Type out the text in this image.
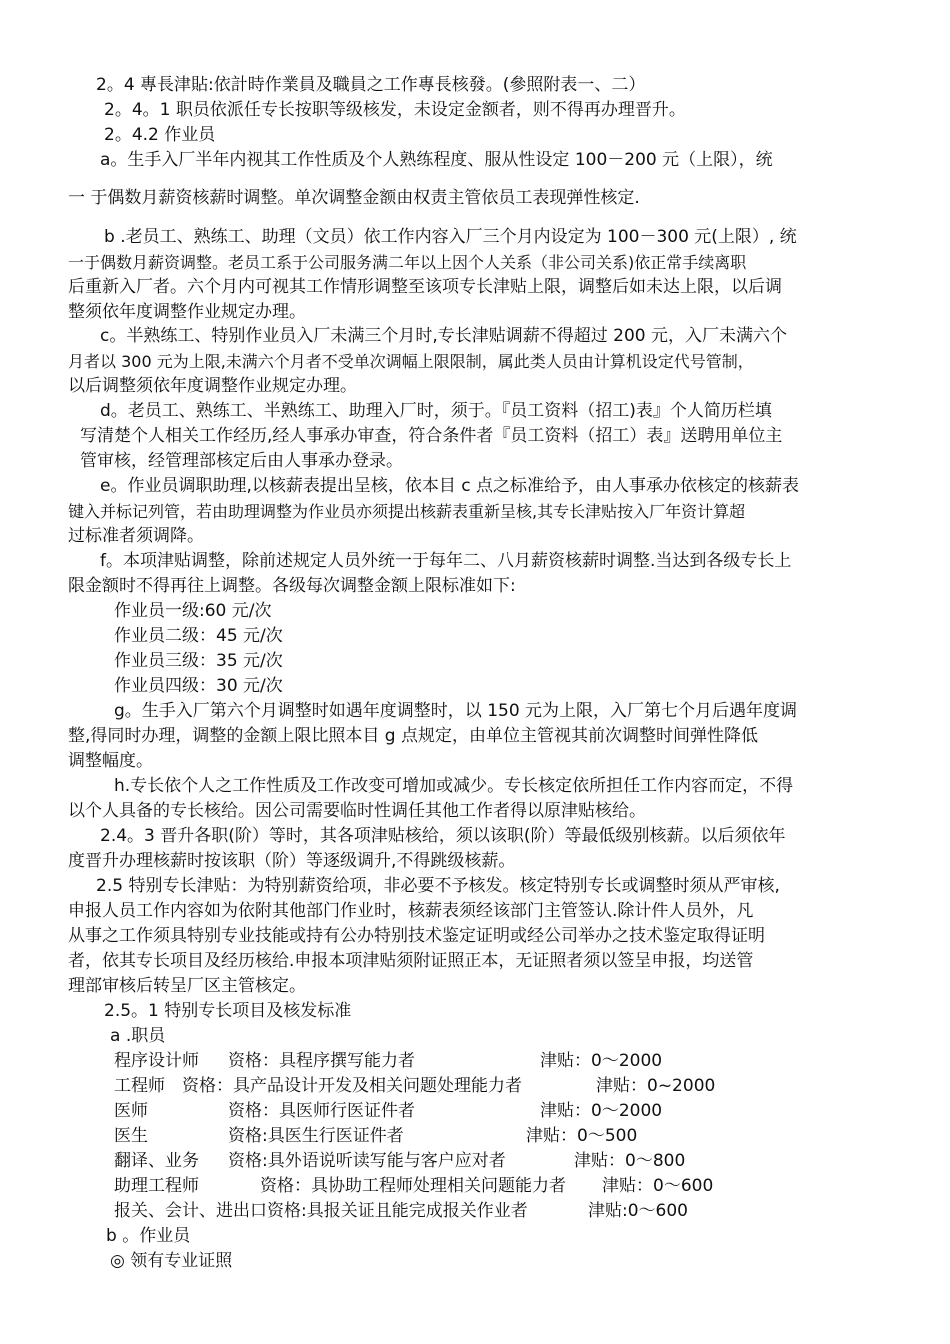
2。4 專長津貼:依計時作業員及職員之工作專長核發。(參照附表一、二）
2。4。1 职员依派任专长按职等级核发，未设定金额者，则不得再办理晋升。
2。4.2 作业员
a。生手入厂半年内视其工作性质及个人熟练程度、服从性设定 100－200 元（上限），统
一 于偶数月薪资核薪时调整。单次调整金额由权责主管依员工表现弹性核定.
b .老员工、熟练工、助理（文员）依工作内容入厂三个月内设定为 100－300 元(上限）, 统
一于偶数月薪资调整。老员工系于公司服务满二年以上因个人关系（非公司关系)依正常手续离职
后重新入厂者。六个月内可视其工作情形调整至该项专长津贴上限，调整后如未达上限，以后调
整须依年度调整作业规定办理。
c。半熟练工、特别作业员入厂未满三个月时,专长津贴调薪不得超过 200 元，入厂未满六个
月者以 300 元为上限,未满六个月者不受单次调幅上限限制，属此类人员由计算机设定代号管制，
以后调整须依年度调整作业规定办理。
d。老员工、熟练工、半熟练工、助理入厂时，须于。『员工资料（招工)表』个人简历栏填
写清楚个人相关工作经历,经人事承办审查，符合条件者『员工资料（招工）表』送聘用单位主
管审核，经管理部核定后由人事承办登录。
e。作业员调职助理,以核薪表提出呈核，依本目 c 点之标准给予，由人事承办依核定的核薪表
键入并标记列管，若由助理调整为作业员亦须提出核薪表重新呈核,其专长津贴按入厂年资计算超
过标准者须调降。
f。本项津贴调整，除前述规定人员外统一于每年二、八月薪资核薪时调整.当达到各级专长上
限金额时不得再往上调整。各级每次调整金额上限标准如下:
作业员一级:60 元/次
作业员二级：45 元/次
作业员三级：35 元/次
作业员四级：30 元/次
g。生手入厂第六个月调整时如遇年度调整时，以 150 元为上限，入厂第七个月后遇年度调
整,得同时办理，调整的金额上限比照本目 g 点规定，由单位主管视其前次调整时间弹性降低
调整幅度。
h.专长依个人之工作性质及工作改变可增加或减少。专长核定依所担任工作内容而定，不得
以个人具备的专长核给。因公司需要临时性调任其他工作者得以原津贴核给。
2.4。3 晋升各职(阶）等时，其各项津贴核给，须以该职(阶）等最低级别核薪。以后须依年
度晋升办理核薪时按该职（阶）等逐级调升,不得跳级核薪。
2.5 特别专长津贴：为特别薪资给项，非必要不予核发。核定特别专长或调整时须从严审核,
申报人员工作内容如为依附其他部门作业时，核薪表须经该部门主管签认.除计件人员外，凡
从事之工作须具特别专业技能或持有公办特别技术鉴定证明或经公司举办之技术鉴定取得证明
者，依其专长项目及经历核给.申报本项津贴须附证照正本，无证照者须以签呈申报，均送管
理部审核后转呈厂区主管核定。
2.5。1 特别专长项目及核发标准
a .职员
程序设计师 资格：具程序撰写能力者	津贴：0～2000
工程师 资格：具产品设计开发及相关问题处理能力者	津贴：0~2000
医师	资格：具医师行医证件者	津贴：0～2000
医生	资格:具医生行医证件者	津贴：0～500
翻译、业务 资格:具外语说听读写能与客户应对者	津贴：0～800
助理工程师	资格：具协助工程师处理相关问题能力者 津贴：0～600
报关、会计、进出口资格:具报关证且能完成报关作业者	津贴:0～600
b 。作业员
◎ 领有专业证照
